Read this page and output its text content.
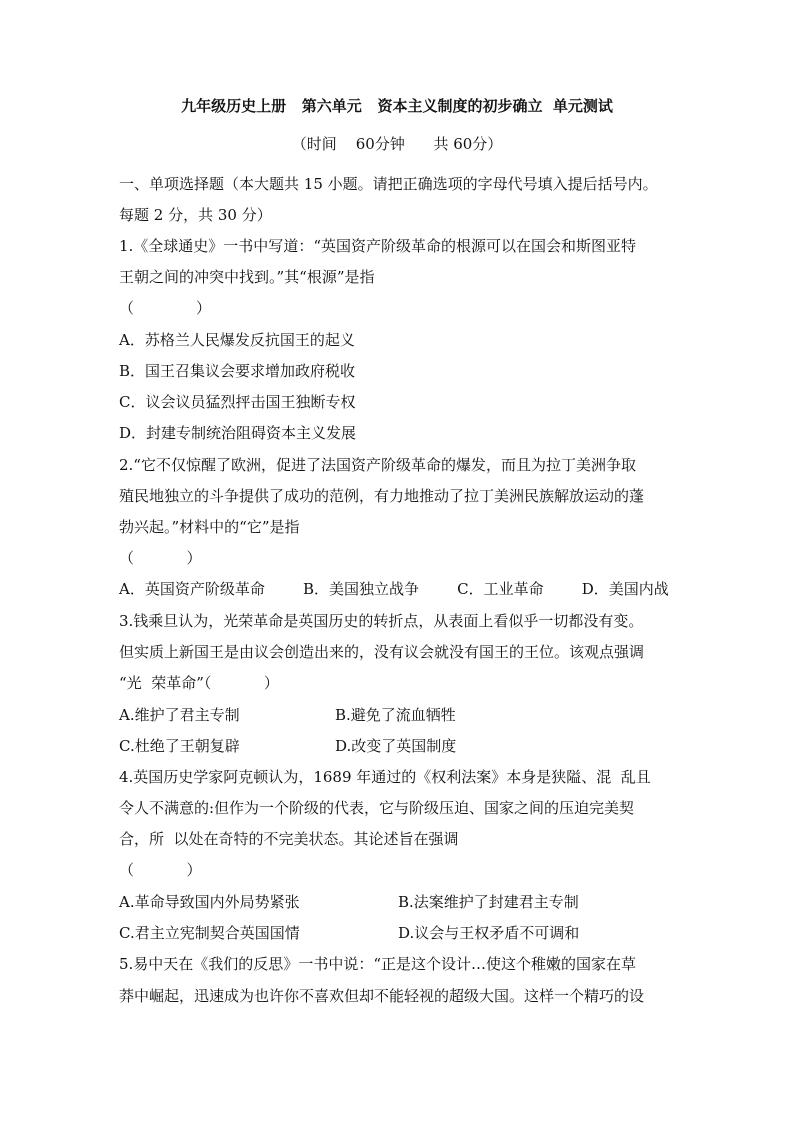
九年级历史上册   第六单元   资本主义制度的初步确立  单元测试
（时间    60分钟      共 60分）
一、单项选择题（本大题共 15 小题。请把正确选项的字母代号填入提后括号内。
每题 2 分，共 30 分）
1.《全球通史》一书中写道：“英国资产阶级革命的根源可以在国会和斯图亚特
王朝之间的冲突中找到。”其“根源”是指
（             ）
A．苏格兰人民爆发反抗国王的起义
B．国王召集议会要求增加政府税收
C．议会议员猛烈抨击国王独断专权
D．封建专制统治阻碍资本主义发展
2.“它不仅惊醒了欧洲，促进了法国资产阶级革命的爆发，而且为拉丁美洲争取
殖民地独立的斗争提供了成功的范例，有力地推动了拉丁美洲民族解放运动的蓬
勃兴起。”材料中的“它”是指
（           ）
A．英国资产阶级革命        B．美国独立战争        C．工业革命        D．美国内战
3.钱乘旦认为，光荣革命是英国历史的转折点，从表面上看似乎一切都没有变。
但实质上新国王是由议会创造出来的，没有议会就没有国王的王位。该观点强调
“光  荣革命”（           ）
A.维护了君主专制	B.避免了流血牺牲
C.杜绝了王朝复辟	D.改变了英国制度
4.英国历史学家阿克顿认为，1689 年通过的《权利法案》本身是狭隘、混  乱且
令人不满意的:但作为一个阶级的代表，它与阶级压迫、国家之间的压迫完美契
合，所  以处在奇特的不完美状态。其论述旨在强调
（           ）
A.革命导致国内外局势紧张	B.法案维护了封建君主专制
C.君主立宪制契合英国国情	D.议会与王权矛盾不可调和
5.易中天在《我们的反思》一书中说：“正是这个设计…使这个稚嫩的国家在草
莽中崛起，迅速成为也许你不喜欢但却不能轻视的超级大国。这样一个精巧的设
